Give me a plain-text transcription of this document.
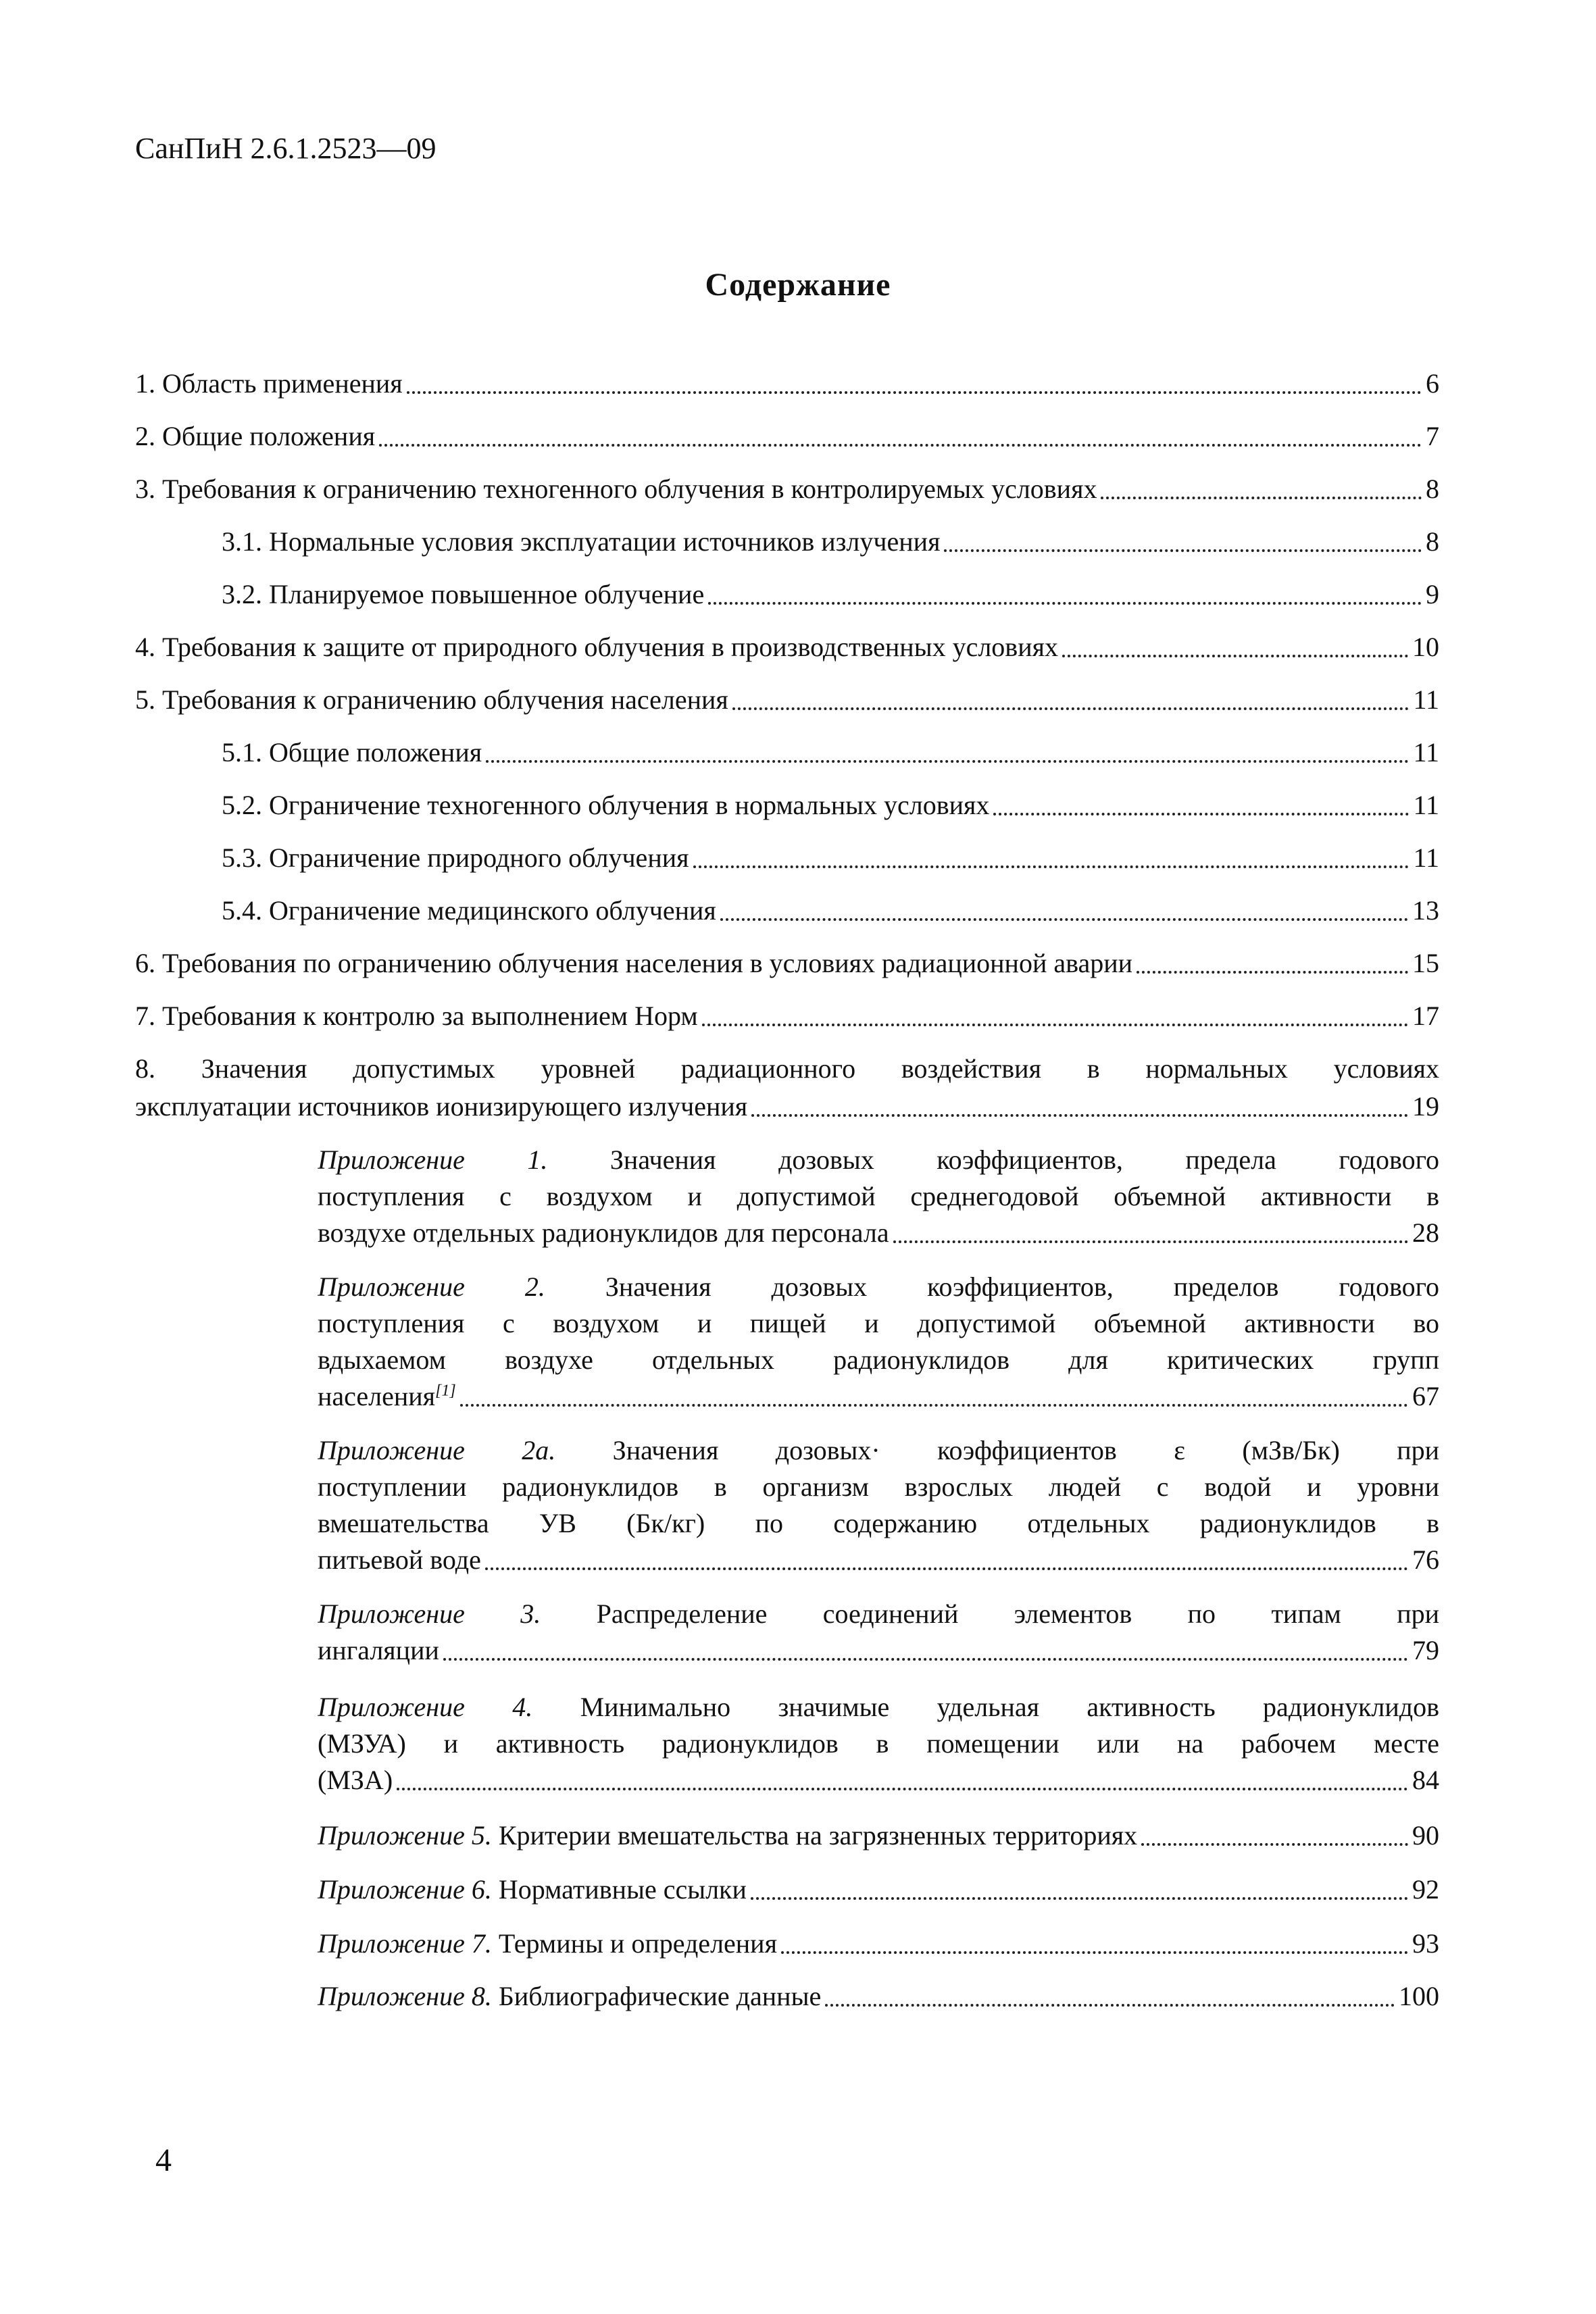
СанПиН 2.6.1.2523—09
Содержание
1. Область применения	6
2. Общие положения	7
3. Требования к ограничению техногенного облучения в контролируемых условиях	8
3.1. Нормальные условия эксплуатации источников излучения	8
3.2. Планируемое повышенное облучение	9
4. Требования к защите от природного облучения в производственных условиях	10
5. Требования к ограничению облучения населения	11
5.1. Общие положения	11
5.2. Ограничение техногенного облучения в нормальных условиях	11
5.3. Ограничение природного облучения	11
5.4. Ограничение медицинского облучения	13
6. Требования по ограничению облучения населения в условиях радиационной аварии	15
7. Требования к контролю за выполнением Норм	17
8. Значения допустимых уровней радиационного воздействия в нормальных условиях
эксплуатации источников ионизирующего излучения	19
Приложение 1. Значения дозовых коэффициентов, предела годового
поступления с воздухом и допустимой среднегодовой объемной активности в
воздухе отдельных радионуклидов для персонала	28
Приложение 2. Значения дозовых коэффициентов, пределов годового
поступления с воздухом и пищей и допустимой объемной активности во
вдыхаемом воздухе отдельных радионуклидов для критических групп
населения[1]	67
Приложение 2а. Значения дозовых· коэффициентов ε (мЗв/Бк) при
поступлении радионуклидов в организм взрослых людей с водой и уровни
вмешательства УВ (Бк/кг) по содержанию отдельных радионуклидов в
питьевой воде	76
Приложение 3. Распределение соединений элементов по типам при
ингаляции	79
Приложение 4. Минимально значимые удельная активность радионуклидов
(МЗУА) и активность радионуклидов в помещении или на рабочем месте
(МЗА)	84
Приложение 5. Критерии вмешательства на загрязненных территориях	90
Приложение 6. Нормативные ссылки	92
Приложение 7. Термины и определения	93
Приложение 8. Библиографические данные	100
4
